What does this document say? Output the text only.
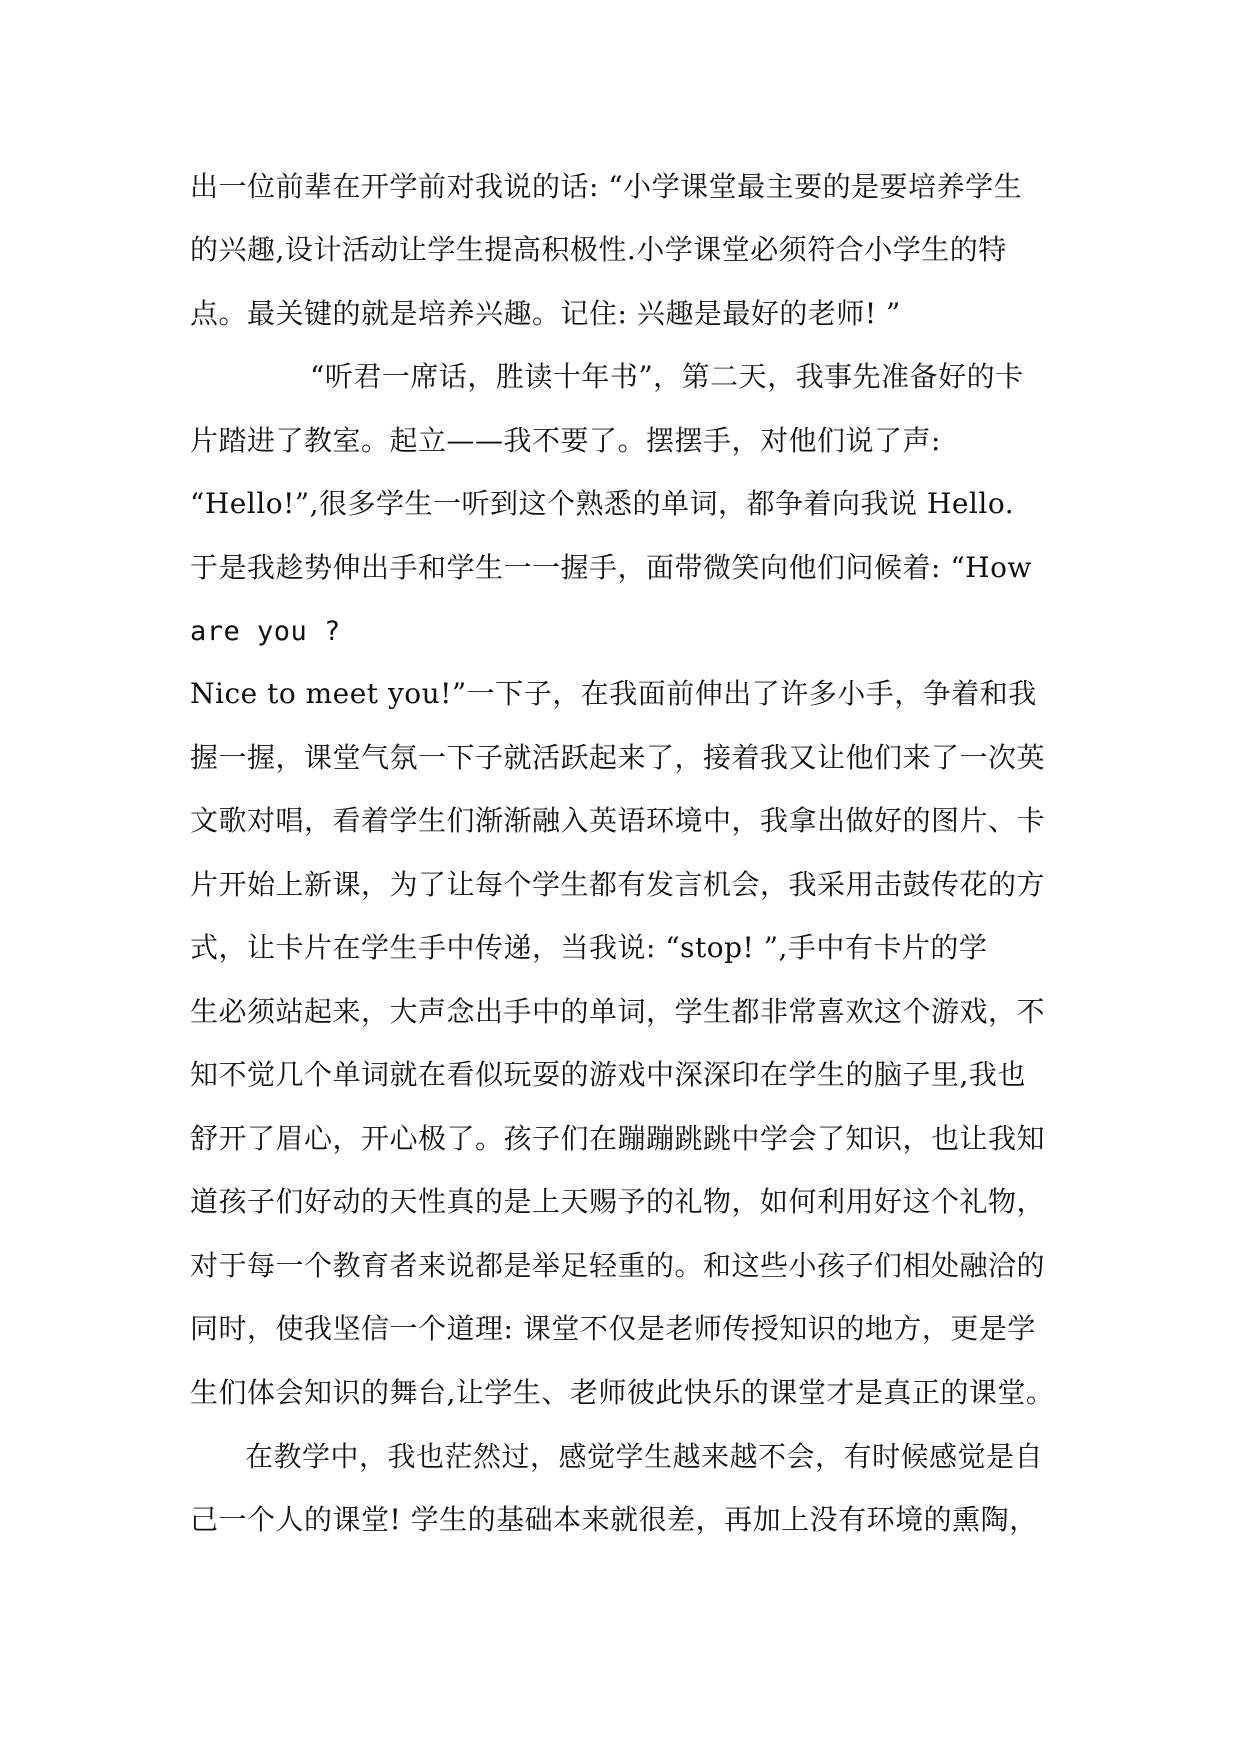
出一位前辈在开学前对我说的话: “小学课堂最主要的是要培养学生
的兴趣,设计活动让学生提高积极性.小学课堂必须符合小学生的特
点。最关键的就是培养兴趣。记住: 兴趣是最好的老师! ”
“听君一席话，胜读十年书”，第二天，我事先准备好的卡
片踏进了教室。起立——我不要了。摆摆手，对他们说了声:
“Hello!”,很多学生一听到这个熟悉的单词，都争着向我说 Hello.
于是我趁势伸出手和学生一一握手，面带微笑向他们问候着: “How
are you ?
Nice to meet you!”一下子，在我面前伸出了许多小手，争着和我
握一握，课堂气氛一下子就活跃起来了，接着我又让他们来了一次英
文歌对唱，看着学生们渐渐融入英语环境中，我拿出做好的图片、卡
片开始上新课，为了让每个学生都有发言机会，我采用击鼓传花的方
式，让卡片在学生手中传递，当我说: “stop! ”,手中有卡片的学
生必须站起来，大声念出手中的单词，学生都非常喜欢这个游戏，不
知不觉几个单词就在看似玩耍的游戏中深深印在学生的脑子里,我也
舒开了眉心，开心极了。孩子们在蹦蹦跳跳中学会了知识，也让我知
道孩子们好动的天性真的是上天赐予的礼物，如何利用好这个礼物，
对于每一个教育者来说都是举足轻重的。和这些小孩子们相处融洽的
同时，使我坚信一个道理: 课堂不仅是老师传授知识的地方，更是学
生们体会知识的舞台,让学生、老师彼此快乐的课堂才是真正的课堂。
在教学中，我也茫然过，感觉学生越来越不会，有时候感觉是自
己一个人的课堂! 学生的基础本来就很差，再加上没有环境的熏陶，
